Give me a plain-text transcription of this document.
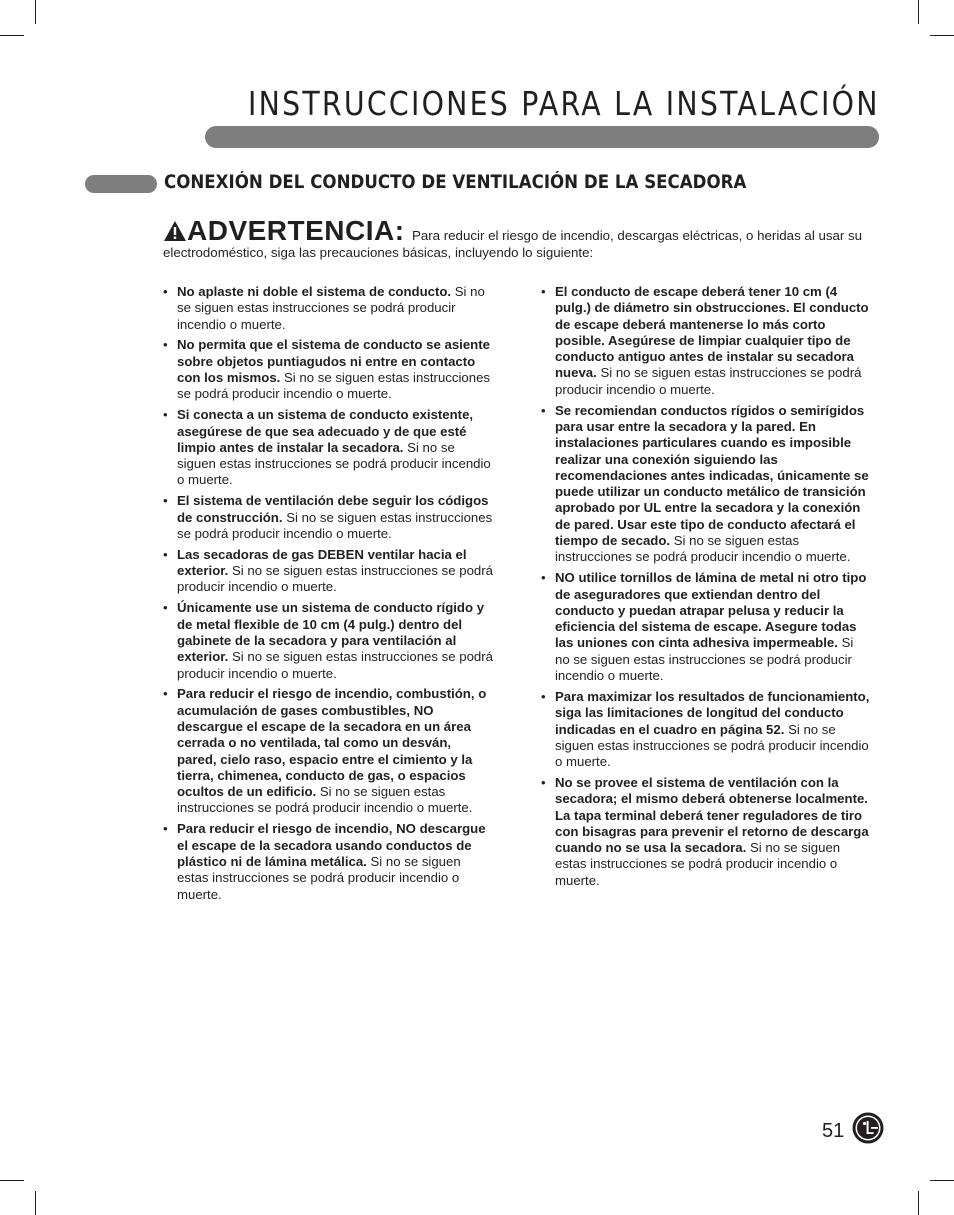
INSTRUCCIONES PARA LA INSTALACIÓN
CONEXIÓN DEL CONDUCTO DE VENTILACIÓN DE LA SECADORA
ADVERTENCIA: Para reducir el riesgo de incendio, descargas eléctricas, o heridas al usar su electrodoméstico, siga las precauciones básicas, incluyendo lo siguiente:
• No aplaste ni doble el sistema de conducto. Si no se siguen estas instrucciones se podrá producir incendio o muerte.
• No permita que el sistema de conducto se asiente sobre objetos puntiagudos ni entre en contacto con los mismos. Si no se siguen estas instrucciones se podrá producir incendio o muerte.
• Si conecta a un sistema de conducto existente, asegúrese de que sea adecuado y de que esté limpio antes de instalar la secadora. Si no se siguen estas instrucciones se podrá producir incendio o muerte.
• El sistema de ventilación debe seguir los códigos de construcción. Si no se siguen estas instrucciones se podrá producir incendio o muerte.
• Las secadoras de gas DEBEN ventilar hacia el exterior. Si no se siguen estas instrucciones se podrá producir incendio o muerte.
• Únicamente use un sistema de conducto rígido y de metal flexible de 10 cm (4 pulg.) dentro del gabinete de la secadora y para ventilación al exterior. Si no se siguen estas instrucciones se podrá producir incendio o muerte.
• Para reducir el riesgo de incendio, combustión, o acumulación de gases combustibles, NO descargue el escape de la secadora en un área cerrada o no ventilada, tal como un desván, pared, cielo raso, espacio entre el cimiento y la tierra, chimenea, conducto de gas, o espacios ocultos de un edificio. Si no se siguen estas instrucciones se podrá producir incendio o muerte.
• Para reducir el riesgo de incendio, NO descargue el escape de la secadora usando conductos de plástico ni de lámina metálica. Si no se siguen estas instrucciones se podrá producir incendio o muerte.
• El conducto de escape deberá tener 10 cm (4 pulg.) de diámetro sin obstrucciones. El conducto de escape deberá mantenerse lo más corto posible. Asegúrese de limpiar cualquier tipo de conducto antiguo antes de instalar su secadora nueva. Si no se siguen estas instrucciones se podrá producir incendio o muerte.
• Se recomiendan conductos rígidos o semirígidos para usar entre la secadora y la pared. En instalaciones particulares cuando es imposible realizar una conexión siguiendo las recomendaciones antes indicadas, únicamente se puede utilizar un conducto metálico de transición aprobado por UL entre la secadora y la conexión de pared. Usar este tipo de conducto afectará el tiempo de secado. Si no se siguen estas instrucciones se podrá producir incendio o muerte.
• NO utilice tornillos de lámina de metal ni otro tipo de aseguradores que extiendan dentro del conducto y puedan atrapar pelusa y reducir la eficiencia del sistema de escape. Asegure todas las uniones con cinta adhesiva impermeable. Si no se siguen estas instrucciones se podrá producir incendio o muerte.
• Para maximizar los resultados de funcionamiento, siga las limitaciones de longitud del conducto indicadas en el cuadro en página 52. Si no se siguen estas instrucciones se podrá producir incendio o muerte.
• No se provee el sistema de ventilación con la secadora; el mismo deberá obtenerse localmente. La tapa terminal deberá tener reguladores de tiro con bisagras para prevenir el retorno de descarga cuando no se usa la secadora. Si no se siguen estas instrucciones se podrá producir incendio o muerte.
51
